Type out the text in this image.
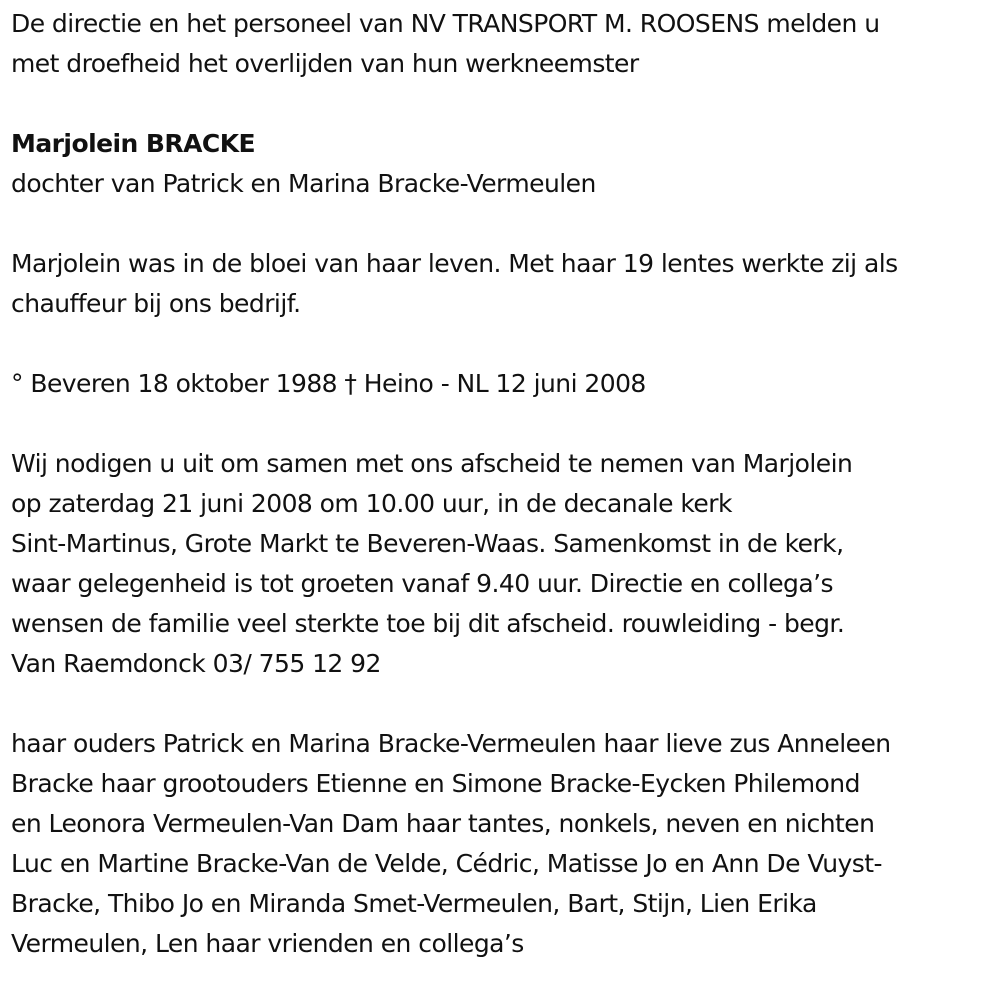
De directie en het personeel van NV TRANSPORT M. ROOSENS melden u
met droefheid het overlijden van hun werkneemster

Marjolein BRACKE

dochter van Patrick en Marina Bracke-Vermeulen

Marjolein was in de bloei van haar leven. Met haar 19 lentes werkte zij als
chauffeur bij ons bedrijf.

° Beveren 18 oktober 1988 † Heino - NL 12 juni 2008

Wij nodigen u uit om samen met ons afscheid te nemen van Marjolein
op zaterdag 21 juni 2008 om 10.00 uur, in de decanale kerk
Sint-Martinus, Grote Markt te Beveren-Waas. Samenkomst in de kerk,
waar gelegenheid is tot groeten vanaf 9.40 uur. Directie en collega’s
wensen de familie veel sterkte toe bij dit afscheid. rouwleiding - begr.
Van Raemdonck 03/ 755 12 92

haar ouders Patrick en Marina Bracke-Vermeulen haar lieve zus Anneleen
Bracke haar grootouders Etienne en Simone Bracke-Eycken Philemond
en Leonora Vermeulen-Van Dam haar tantes, nonkels, neven en nichten
Luc en Martine Bracke-Van de Velde, Cédric, Matisse Jo en Ann De Vuyst-
Bracke, Thibo Jo en Miranda Smet-Vermeulen, Bart, Stijn, Lien Erika
Vermeulen, Len haar vrienden en collega’s
